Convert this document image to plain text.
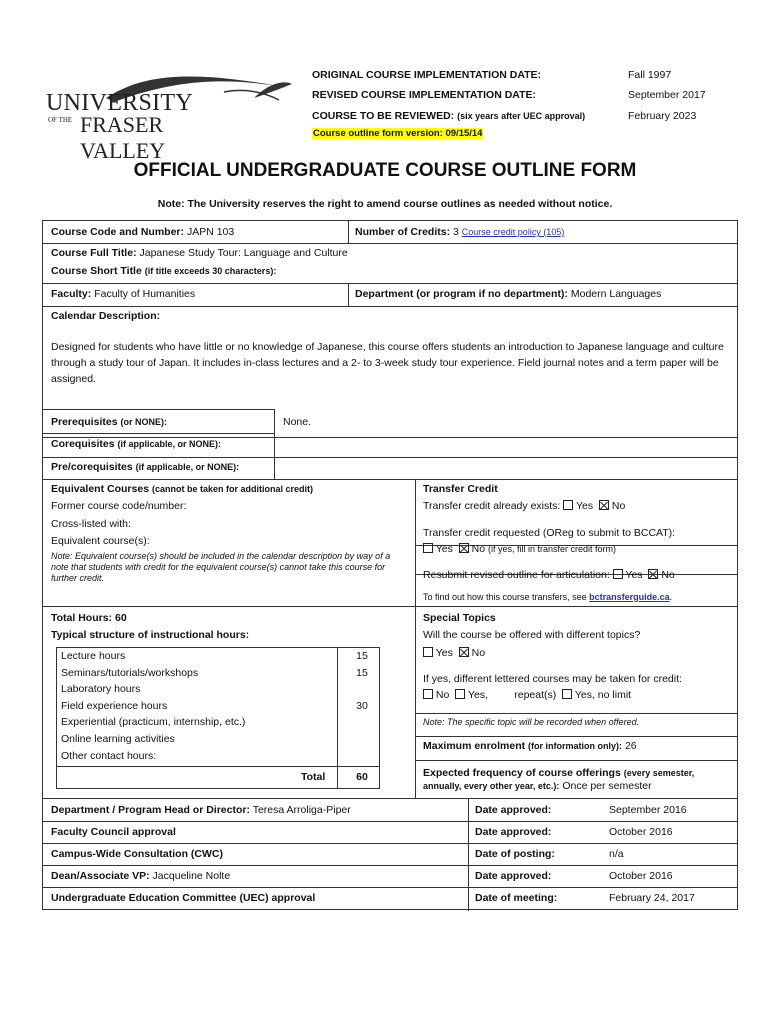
UNIVERSITY
OF THE FRASER VALLEY
ORIGINAL COURSE IMPLEMENTATION DATE:	Fall 1997
REVISED COURSE IMPLEMENTATION DATE:	September 2017
COURSE TO BE REVIEWED: (six years after UEC approval)	February 2023
Course outline form version: 09/15/14
OFFICIAL UNDERGRADUATE COURSE OUTLINE FORM
Note: The University reserves the right to amend course outlines as needed without notice.
Course Code and Number: JAPN 103	Number of Credits: 3 Course credit policy (105)
Course Full Title: Japanese Study Tour: Language and Culture
Course Short Title (if title exceeds 30 characters):
Faculty: Faculty of Humanities	Department (or program if no department): Modern Languages
Calendar Description:
Designed for students who have little or no knowledge of Japanese, this course offers students an introduction to Japanese language and culture through a study tour of Japan. It includes in-class lectures and a 2- to 3-week study tour experience. Field journal notes and a term paper will be assigned.
Prerequisites (or NONE):	None.
Corequisites (if applicable, or NONE):
Pre/corequisites (if applicable, or NONE):
Equivalent Courses (cannot be taken for additional credit)
Former course code/number:
Cross-listed with:
Equivalent course(s):
Note: Equivalent course(s) should be included in the calendar description by way of a note that students with credit for the equivalent course(s) cannot take this course for further credit.
Transfer Credit
Transfer credit already exists: Yes No
Transfer credit requested (OReg to submit to BCCAT):
Yes No (if yes, fill in transfer credit form)
Resubmit revised outline for articulation: Yes No
To find out how this course transfers, see bctransferguide.ca.
Total Hours: 60
Typical structure of instructional hours:
Lecture hours	15
Seminars/tutorials/workshops	15
Laboratory hours
Field experience hours	30
Experiential (practicum, internship, etc.)
Online learning activities
Other contact hours:
Total	60
Special Topics
Will the course be offered with different topics?
Yes No
If yes, different lettered courses may be taken for credit:
No Yes,	repeat(s) Yes, no limit
Note: The specific topic will be recorded when offered.
Maximum enrolment (for information only): 26
Expected frequency of course offerings (every semester,
annually, every other year, etc.): Once per semester
Department / Program Head or Director: Teresa Arroliga-Piper	Date approved:	September 2016
Faculty Council approval	Date approved:	October 2016
Campus-Wide Consultation (CWC)	Date of posting:	n/a
Dean/Associate VP: Jacqueline Nolte	Date approved:	October 2016
Undergraduate Education Committee (UEC) approval	Date of meeting:	February 24, 2017
